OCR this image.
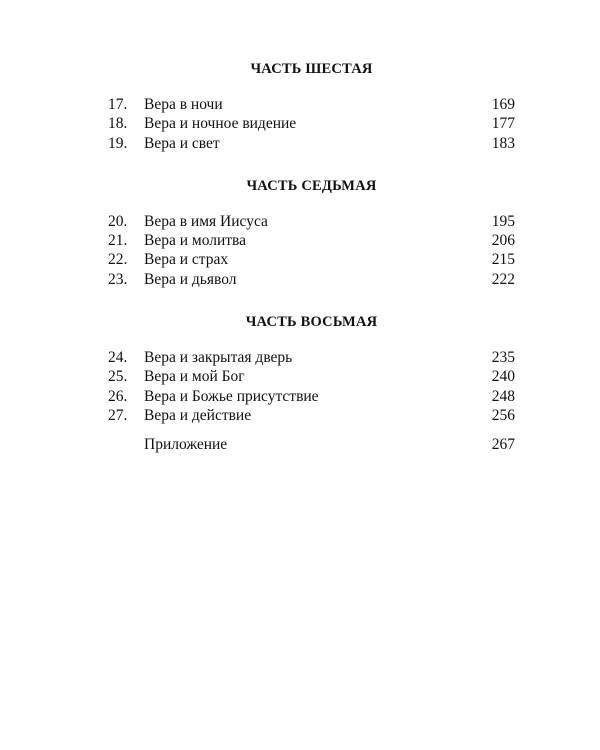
ЧАСТЬ ШЕСТАЯ
17.	Вера в ночи	169
18.	Вера и ночное видение	177
19.	Вера и свет	183
ЧАСТЬ СЕДЬМАЯ
20.	Вера в имя Иисуса	195
21.	Вера и молитва	206
22.	Вера и страх	215
23.	Вера и дьявол	222
ЧАСТЬ ВОСЬМАЯ
24.	Вера и закрытая дверь	235
25.	Вера и мой Бог	240
26.	Вера и Божье присутствие	248
27.	Вера и действие	256
Приложение	267
